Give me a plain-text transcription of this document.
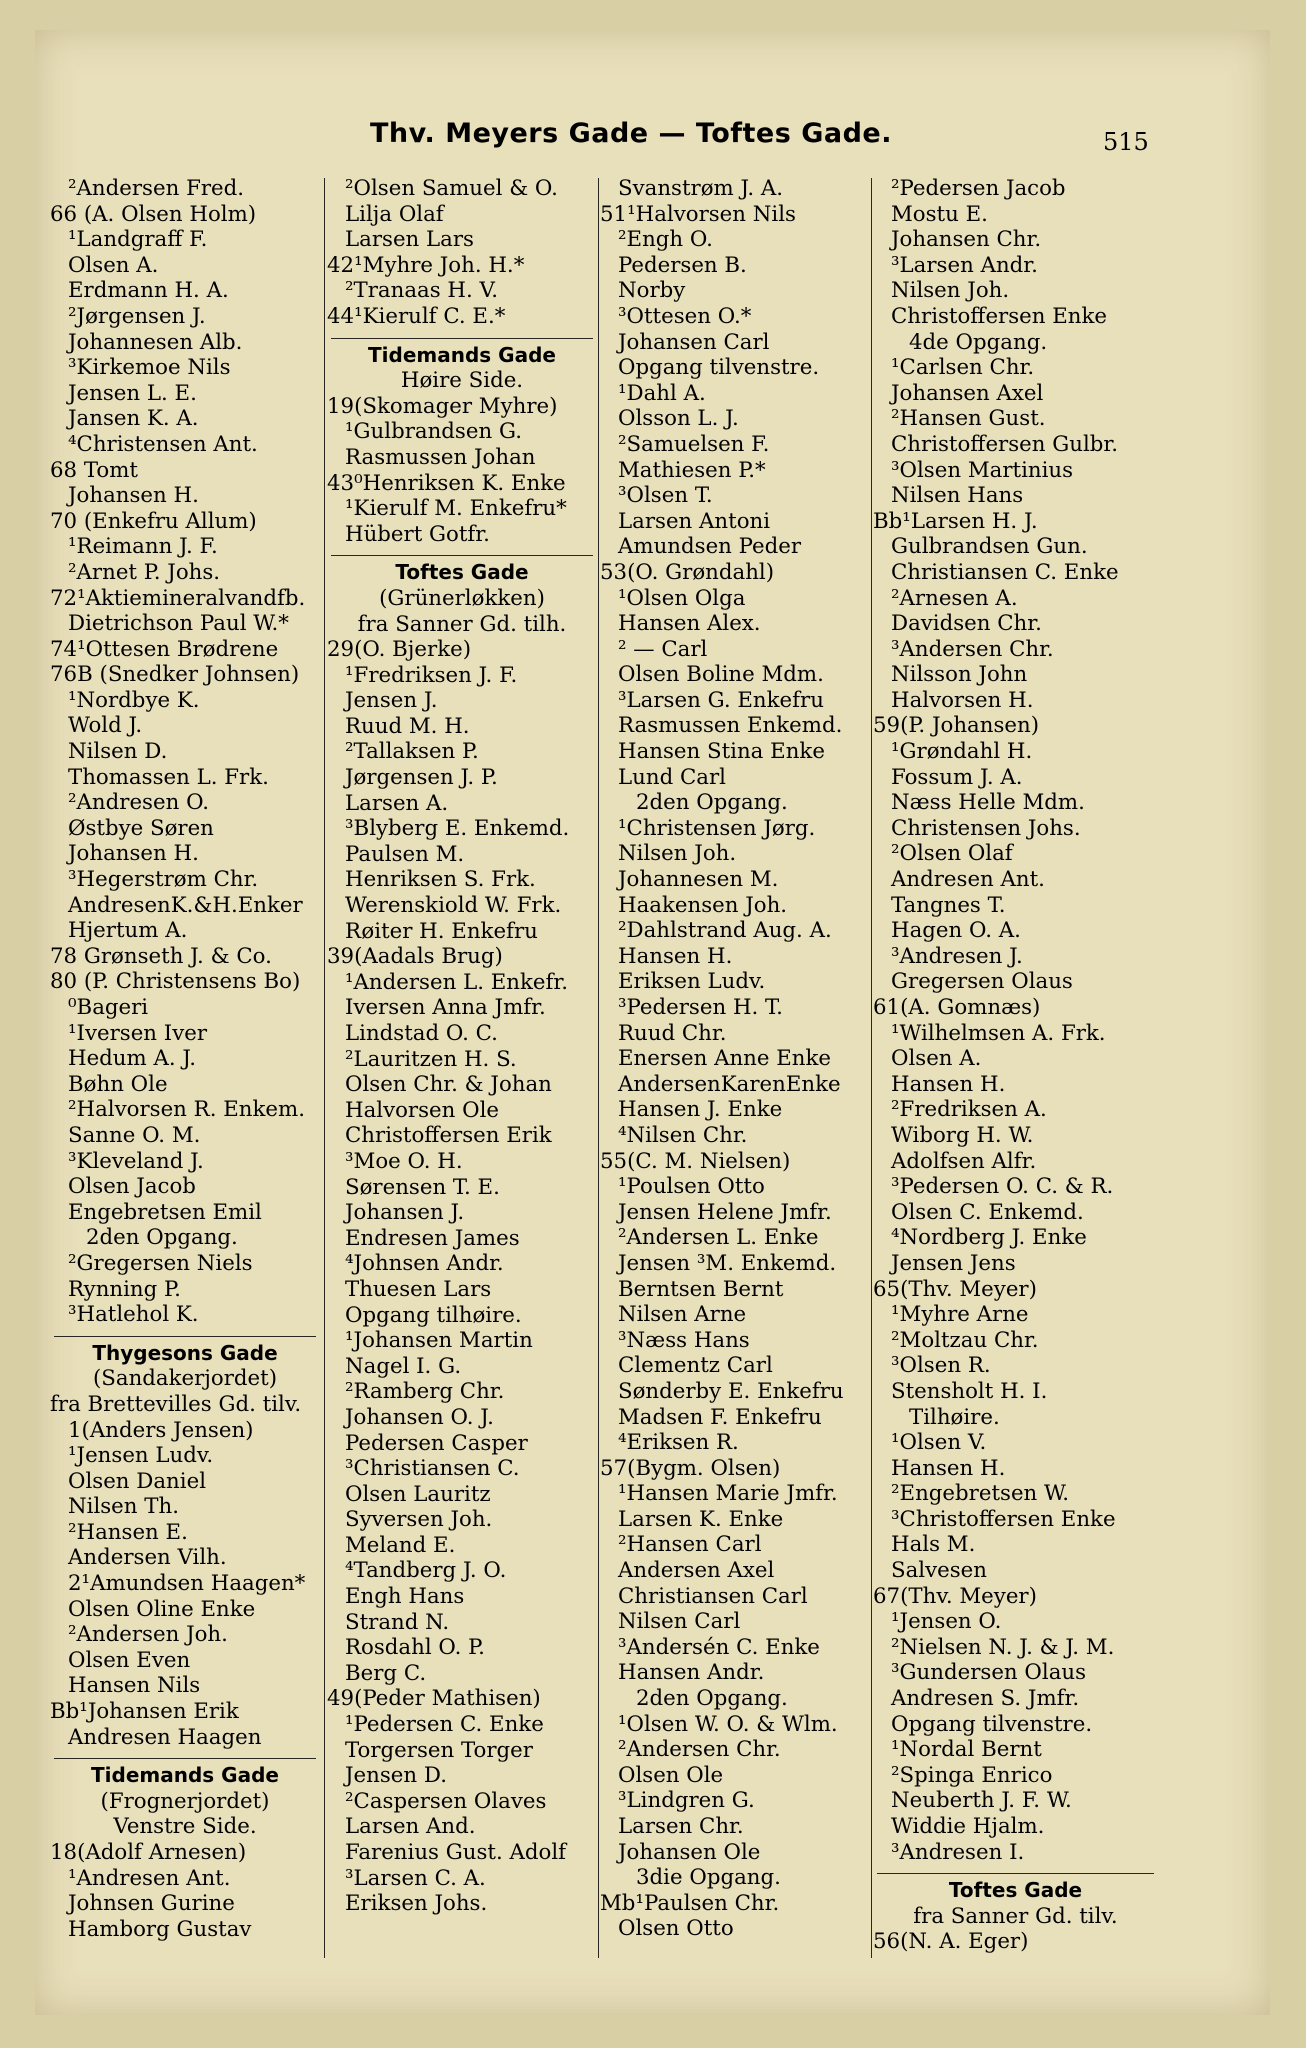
Thv. Meyers Gade — Toftes Gade.	515
²Andersen Fred.
66 (A. Olsen Holm)
¹Landgraff F.
Olsen A.
Erdmann H. A.
²Jørgensen J.
Johannesen Alb.
³Kirkemoe Nils
Jensen L. E.
Jansen K. A.
⁴Christensen Ant.
68 Tomt
Johansen H.
70 (Enkefru Allum)
¹Reimann J. F.
²Arnet P. Johs.
72¹Aktiemineralvandfb.
Dietrichson Paul W.*
74¹Ottesen Brødrene
76B (Snedker Johnsen)
¹Nordbye K.
Wold J.
Nilsen D.
Thomassen L. Frk.
²Andresen O.
Østbye Søren
Johansen H.
³Hegerstrøm Chr.
AndresenK.&H.Enker
Hjertum A.
78 Grønseth J. & Co.
80 (P. Christensens Bo)
⁰Bageri
¹Iversen Iver
Hedum A. J.
Bøhn Ole
²Halvorsen R. Enkem.
Sanne O. M.
³Kleveland J.
Olsen Jacob
Engebretsen Emil
2den Opgang.
²Gregersen Niels
Rynning P.
³Hatlehol K.
Thygesons Gade
(Sandakerjordet)
fra Brettevilles Gd. tilv.
1(Anders Jensen)
¹Jensen Ludv.
Olsen Daniel
Nilsen Th.
²Hansen E.
Andersen Vilh.
2¹Amundsen Haagen*
Olsen Oline Enke
²Andersen Joh.
Olsen Even
Hansen Nils
Bb¹Johansen Erik
Andresen Haagen
Tidemands Gade
(Frognerjordet)
Venstre Side.
18(Adolf Arnesen)
¹Andresen Ant.
Johnsen Gurine
Hamborg Gustav
²Olsen Samuel & O.
Lilja Olaf
Larsen Lars
42¹Myhre Joh. H.*
²Tranaas H. V.
44¹Kierulf C. E.*
Tidemands Gade
Høire Side.
19(Skomager Myhre)
¹Gulbrandsen G.
Rasmussen Johan
43⁰Henriksen K. Enke
¹Kierulf M. Enkefru*
Hübert Gotfr.
Toftes Gade
(Grünerløkken)
fra Sanner Gd. tilh.
29(O. Bjerke)
¹Fredriksen J. F.
Jensen J.
Ruud M. H.
²Tallaksen P.
Jørgensen J. P.
Larsen A.
³Blyberg E. Enkemd.
Paulsen M.
Henriksen S. Frk.
Werenskiold W. Frk.
Røiter H. Enkefru
39(Aadals Brug)
¹Andersen L. Enkefr.
Iversen Anna Jmfr.
Lindstad O. C.
²Lauritzen H. S.
Olsen Chr. & Johan
Halvorsen Ole
Christoffersen Erik
³Moe O. H.
Sørensen T. E.
Johansen J.
Endresen James
⁴Johnsen Andr.
Thuesen Lars
Opgang tilhøire.
¹Johansen Martin
Nagel I. G.
²Ramberg Chr.
Johansen O. J.
Pedersen Casper
³Christiansen C.
Olsen Lauritz
Syversen Joh.
Meland E.
⁴Tandberg J. O.
Engh Hans
Strand N.
Rosdahl O. P.
Berg C.
49(Peder Mathisen)
¹Pedersen C. Enke
Torgersen Torger
Jensen D.
²Caspersen Olaves
Larsen And.
Farenius Gust. Adolf
³Larsen C. A.
Eriksen Johs.
Svanstrøm J. A.
51¹Halvorsen Nils
²Engh O.
Pedersen B.
Norby
³Ottesen O.*
Johansen Carl
Opgang tilvenstre.
¹Dahl A.
Olsson L. J.
²Samuelsen F.
Mathiesen P.*
³Olsen T.
Larsen Antoni
Amundsen Peder
53(O. Grøndahl)
¹Olsen Olga
Hansen Alex.
² — Carl
Olsen Boline Mdm.
³Larsen G. Enkefru
Rasmussen Enkemd.
Hansen Stina Enke
Lund Carl
2den Opgang.
¹Christensen Jørg.
Nilsen Joh.
Johannesen M.
Haakensen Joh.
²Dahlstrand Aug. A.
Hansen H.
Eriksen Ludv.
³Pedersen H. T.
Ruud Chr.
Enersen Anne Enke
AndersenKarenEnke
Hansen J. Enke
⁴Nilsen Chr.
55(C. M. Nielsen)
¹Poulsen Otto
Jensen Helene Jmfr.
²Andersen L. Enke
Jensen ³M. Enkemd.
Berntsen Bernt
Nilsen Arne
³Næss Hans
Clementz Carl
Sønderby E. Enkefru
Madsen F. Enkefru
⁴Eriksen R.
57(Bygm. Olsen)
¹Hansen Marie Jmfr.
Larsen K. Enke
²Hansen Carl
Andersen Axel
Christiansen Carl
Nilsen Carl
³Andersén C. Enke
Hansen Andr.
2den Opgang.
¹Olsen W. O. & Wlm.
²Andersen Chr.
Olsen Ole
³Lindgren G.
Larsen Chr.
Johansen Ole
3die Opgang.
Mb¹Paulsen Chr.
Olsen Otto
²Pedersen Jacob
Mostu E.
Johansen Chr.
³Larsen Andr.
Nilsen Joh.
Christoffersen Enke
4de Opgang.
¹Carlsen Chr.
Johansen Axel
²Hansen Gust.
Christoffersen Gulbr.
³Olsen Martinius
Nilsen Hans
Bb¹Larsen H. J.
Gulbrandsen Gun.
Christiansen C. Enke
²Arnesen A.
Davidsen Chr.
³Andersen Chr.
Nilsson John
Halvorsen H.
59(P. Johansen)
¹Grøndahl H.
Fossum J. A.
Næss Helle Mdm.
Christensen Johs.
²Olsen Olaf
Andresen Ant.
Tangnes T.
Hagen O. A.
³Andresen J.
Gregersen Olaus
61(A. Gomnæs)
¹Wilhelmsen A. Frk.
Olsen A.
Hansen H.
²Fredriksen A.
Wiborg H. W.
Adolfsen Alfr.
³Pedersen O. C. & R.
Olsen C. Enkemd.
⁴Nordberg J. Enke
Jensen Jens
65(Thv. Meyer)
¹Myhre Arne
²Moltzau Chr.
³Olsen R.
Stensholt H. I.
Tilhøire.
¹Olsen V.
Hansen H.
²Engebretsen W.
³Christoffersen Enke
Hals M.
Salvesen
67(Thv. Meyer)
¹Jensen O.
²Nielsen N. J. & J. M.
³Gundersen Olaus
Andresen S. Jmfr.
Opgang tilvenstre.
¹Nordal Bernt
²Spinga Enrico
Neuberth J. F. W.
Widdie Hjalm.
³Andresen I.
Toftes Gade
fra Sanner Gd. tilv.
56(N. A. Eger)
